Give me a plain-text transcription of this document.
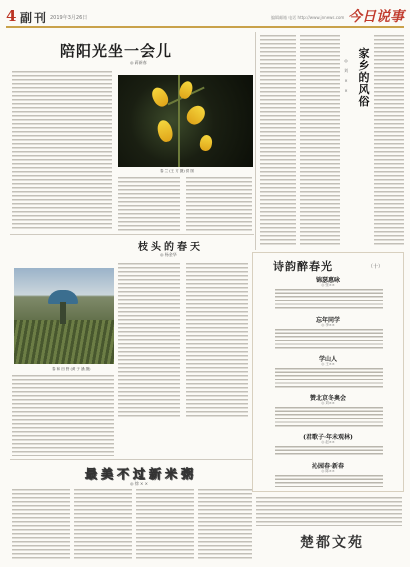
4 副刊 2019年3月26日	编辑邮箱 电话 http://www.jnnews.com 今日说事
陪阳光坐一会儿
◎ 蒋新春
春 兰 (王 方 摄) 供 图
枝头的春天
◎ 杨金华
春 和 田 野 (黄 子 涵 摄)
最美不过新米粥
◎ 徐 × ×
◎

刘

×

×
家
乡
的
风
俗
诗韵醉春光	（十）
锦瑟惠咏
◎ 张××
忘年同学
◎ 李××
学山人
◎ 王××
赞北京冬奥会
◎ 刘××
(君歌子·年未观林)
◎ 赵××
沁园春·新春
◎ 陈××
楚都文苑
